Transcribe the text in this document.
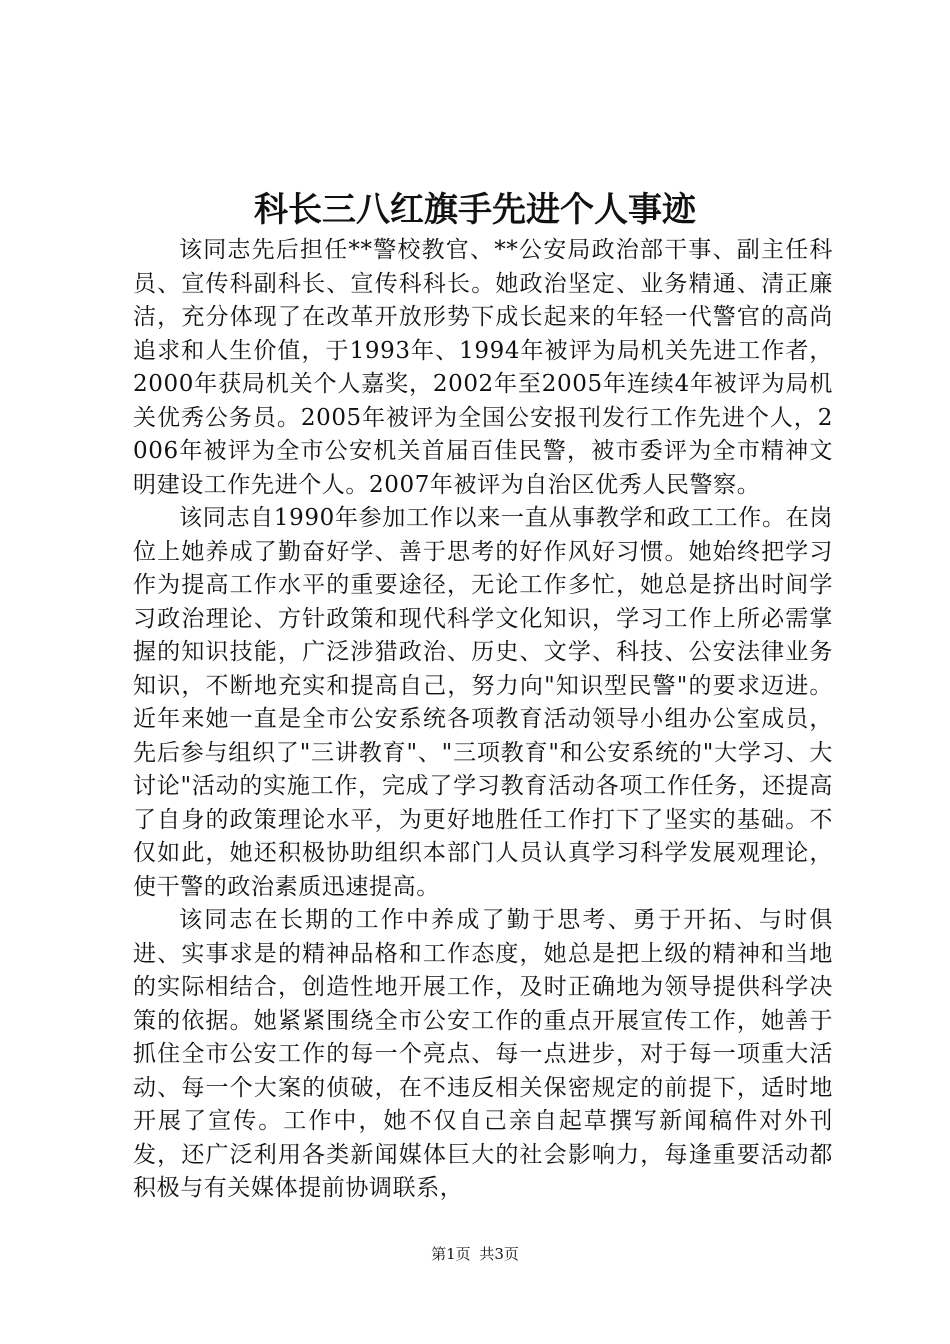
科长三八红旗手先进个人事迹

该同志先后担任**警校教官、**公安局政治部干事、副主任科员、宣传科副科长、宣传科科长。她政治坚定、业务精通、清正廉洁，充分体现了在改革开放形势下成长起来的年轻一代警官的高尚追求和人生价值，于1993年、1994年被评为局机关先进工作者，2000年获局机关个人嘉奖，2002年至2005年连续4年被评为局机关优秀公务员。2005年被评为全国公安报刊发行工作先进个人，2006年被评为全市公安机关首届百佳民警，被市委评为全市精神文明建设工作先进个人。2007年被评为自治区优秀人民警察。

该同志自1990年参加工作以来一直从事教学和政工工作。在岗位上她养成了勤奋好学、善于思考的好作风好习惯。她始终把学习作为提高工作水平的重要途径，无论工作多忙，她总是挤出时间学习政治理论、方针政策和现代科学文化知识，学习工作上所必需掌握的知识技能，广泛涉猎政治、历史、文学、科技、公安法律业务知识，不断地充实和提高自己，努力向"知识型民警"的要求迈进。近年来她一直是全市公安系统各项教育活动领导小组办公室成员，先后参与组织了"三讲教育"、"三项教育"和公安系统的"大学习、大讨论"活动的实施工作，完成了学习教育活动各项工作任务，还提高了自身的政策理论水平，为更好地胜任工作打下了坚实的基础。不仅如此，她还积极协助组织本部门人员认真学习科学发展观理论，使干警的政治素质迅速提高。

该同志在长期的工作中养成了勤于思考、勇于开拓、与时俱进、实事求是的精神品格和工作态度，她总是把上级的精神和当地的实际相结合，创造性地开展工作，及时正确地为领导提供科学决策的依据。她紧紧围绕全市公安工作的重点开展宣传工作，她善于抓住全市公安工作的每一个亮点、每一点进步，对于每一项重大活动、每一个大案的侦破，在不违反相关保密规定的前提下，适时地开展了宣传。工作中，她不仅自己亲自起草撰写新闻稿件对外刊发，还广泛利用各类新闻媒体巨大的社会影响力，每逢重要活动都积极与有关媒体提前协调联系，

第1页 共3页
